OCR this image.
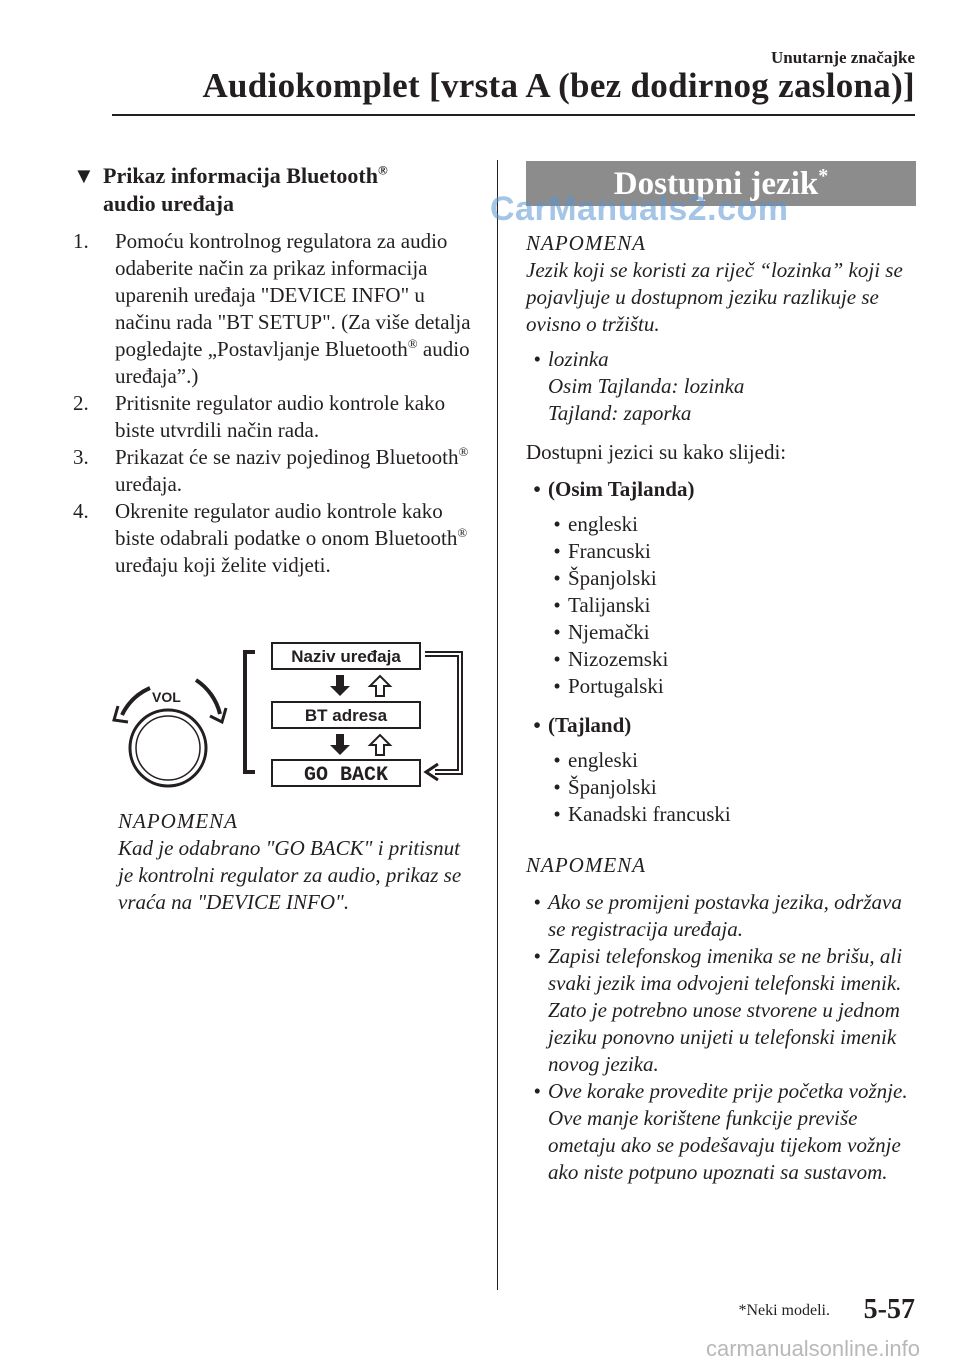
Unutarnje značajke
Audiokomplet [vrsta A (bez dodirnog zaslona)]
▼ Prikaz informacija Bluetooth®
audio uređaja
1.	Pomoću kontrolnog regulatora za audio odaberite način za prikaz informacija uparenih uređaja "DEVICE INFO" u načinu rada "BT SETUP". (Za više detalja pogledajte „Postavljanje Bluetooth® audio uređaja”.)
2.	Pritisnite regulator audio kontrole kako biste utvrdili način rada.
3.	Prikazat će se naziv pojedinog Bluetooth® uređaja.
4.	Okrenite regulator audio kontrole kako biste odabrali podatke o onom Bluetooth® uređaju koji želite vidjeti.
VOL
Naziv uređaja
BT adresa
GO BACK
NAPOMENA
Kad je odabrano "GO BACK" i pritisnut je kontrolni regulator za audio, prikaz se vraća na "DEVICE INFO".
Dostupni jezik*
CarManuals2.com
NAPOMENA
Jezik koji se koristi za riječ “lozinka” koji se pojavljuje u dostupnom jeziku razlikuje se ovisno o tržištu.
• lozinka
Osim Tajlanda: lozinka
Tajland: zaporka
Dostupni jezici su kako slijedi:
• (Osim Tajlanda)
• engleski
• Francuski
• Španjolski
• Talijanski
• Njemački
• Nizozemski
• Portugalski
• (Tajland)
• engleski
• Španjolski
• Kanadski francuski
NAPOMENA
• Ako se promijeni postavka jezika, održava se registracija uređaja.
• Zapisi telefonskog imenika se ne brišu, ali svaki jezik ima odvojeni telefonski imenik. Zato je potrebno unose stvorene u jednom jeziku ponovno unijeti u telefonski imenik novog jezika.
• Ove korake provedite prije početka vožnje. Ove manje korištene funkcije previše ometaju ako se podešavaju tijekom vožnje ako niste potpuno upoznati sa sustavom.
*Neki modeli. 5-57
carmanualsonline.info
